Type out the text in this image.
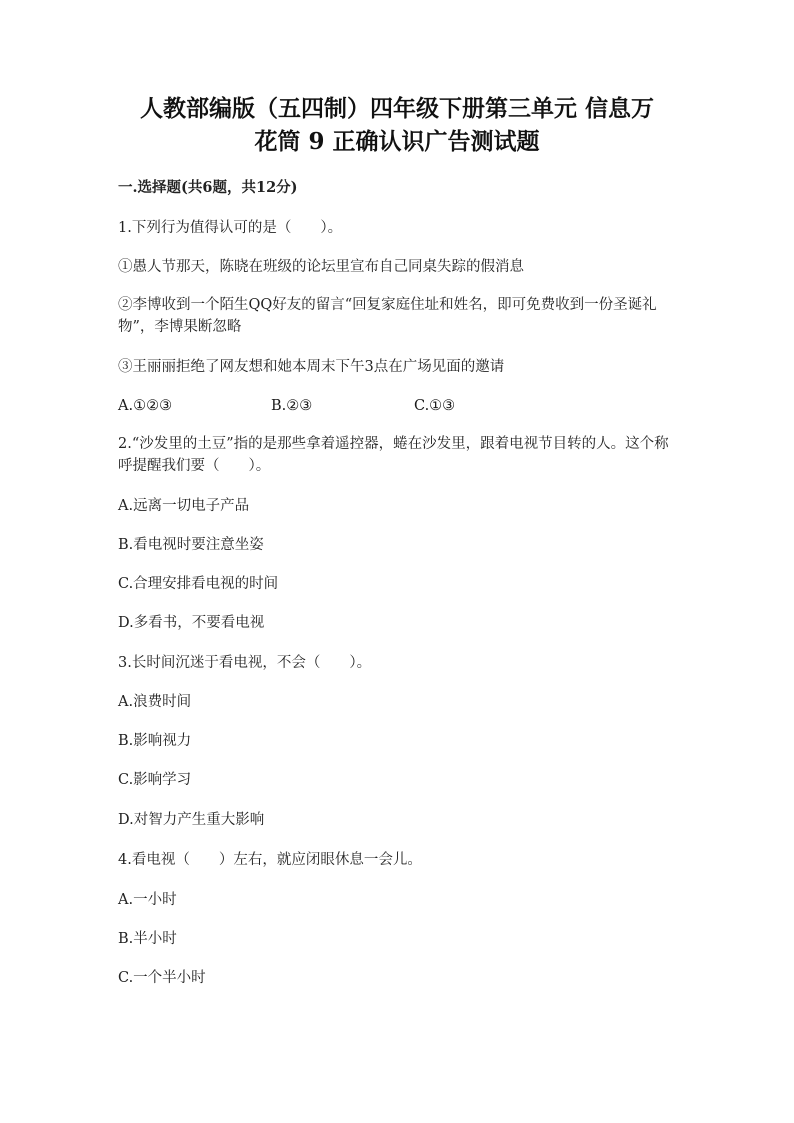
人教部编版（五四制）四年级下册第三单元 信息万
花筒 9 正确认识广告测试题
一.选择题(共6题，共12分)
1.下列行为值得认可的是（　　）。
①愚人节那天，陈晓在班级的论坛里宣布自己同桌失踪的假消息
②李博收到一个陌生QQ好友的留言“回复家庭住址和姓名，即可免费收到一份圣诞礼物”，李博果断忽略
③王丽丽拒绝了网友想和她本周末下午3点在广场见面的邀请
A.①②③	B.②③	C.①③
2.“沙发里的土豆”指的是那些拿着遥控器，蜷在沙发里，跟着电视节目转的人。这个称呼提醒我们要（　　）。
A.远离一切电子产品
B.看电视时要注意坐姿
C.合理安排看电视的时间
D.多看书，不要看电视
3.长时间沉迷于看电视，不会（　　）。
A.浪费时间
B.影响视力
C.影响学习
D.对智力产生重大影响
4.看电视（　　）左右，就应闭眼休息一会儿。
A.一小时
B.半小时
C.一个半小时
